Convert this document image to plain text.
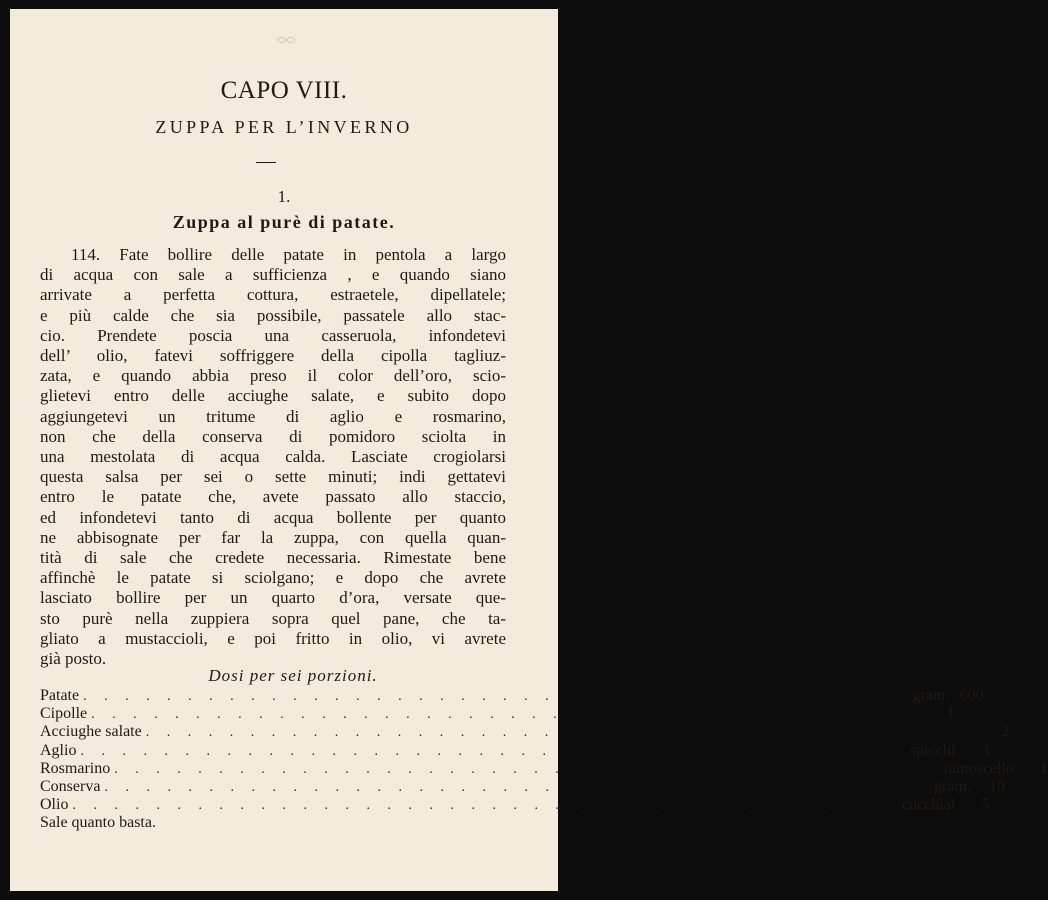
CAPO VIII.
ZUPPA PER L’INVERNO
1.
Zuppa al purè di patate.

114. Fate bollire delle patate in pentola a largo
di acqua con sale a sufficienza , e quando siano
arrivate a perfetta cottura, estraetele, dipellatele;
e più calde che sia possibile, passatele allo stac-
cio. Prendete poscia una casseruola, infondetevi
dell’ olio, fatevi soffriggere della cipolla tagliuz-
zata, e quando abbia preso il color dell’oro, scio-
glietevi entro delle acciughe salate, e subito dopo
aggiungetevi un tritume di aglio e rosmarino,
non che della conserva di pomidoro sciolta in
una mestolata di acqua calda. Lasciate crogiolarsi
questa salsa per sei o sette minuti; indi gettatevi
entro le patate che, avete passato allo staccio,
ed infondetevi tanto di acqua bollente per quanto
ne abbisognate per far la zuppa, con quella quan-
tità di sale che credete necessaria. Rimestate bene
affinchè le patate si sciolgano; e dopo che avrete
lasciato bollire per un quarto d’ora, versate que-
sto purè nella zuppiera sopra quel pane, che ta-
gliato a mustaccioli, e poi fritto in olio, vi avrete
già posto.

Dosi per sei porzioni.
Patate . . . . . . . . . . . . . . . . . . . . . . . . . . . . . . . . . . . . . . . . gram. 600
Cipolle . . . . . . . . . . . . . . . . . . . . . . . . . . . . . . . . . . . . . . . .	1
Acciughe salate . . . . . . . . . . . . . . . . . . . . . . . . . . . . . . . . . . . . . . . .	2
Aglio . . . . . . . . . . . . . . . . . . . . . . . . . . . . . . . . . . . . . . . . spicchi	3
Rosmarino . . . . . . . . . . . . . . . . . . . . . . . . . . . . . . . . . . . . . . . . ramoscello	1
Conserva . . . . . . . . . . . . . . . . . . . . . . . . . . . . . . . . . . . . . . . . gram.	10
Olio . . . . . . . . . . . . . . . . . . . . . . . . . . . . . . . . . . . . . . . . cucchiai	5
Sale quanto basta.
